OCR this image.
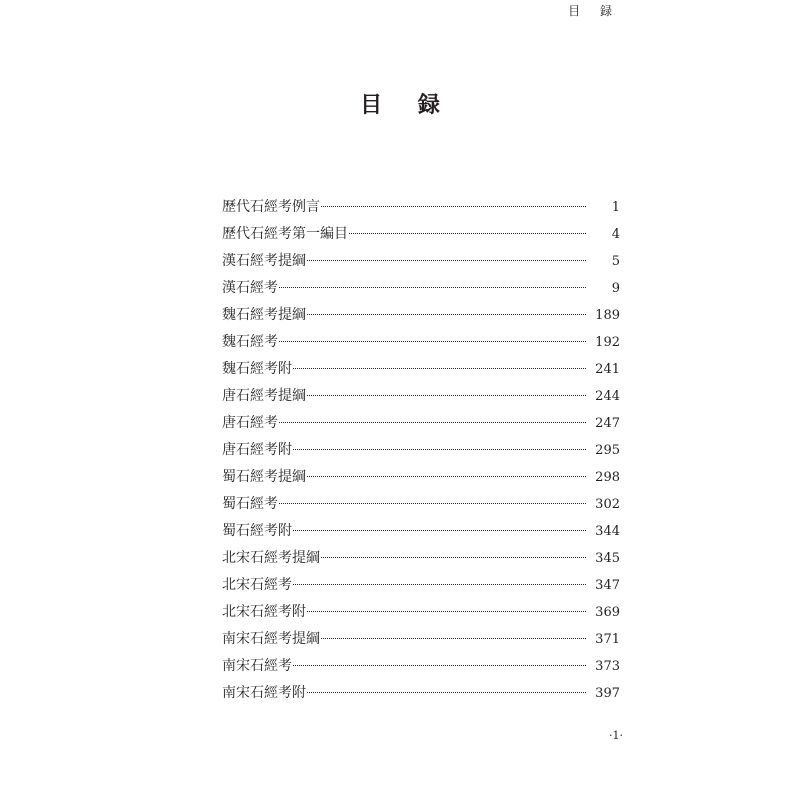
目 録
目 録
歷代石經考例言	1
歷代石經考第一編目	4
漢石經考提綱	5
漢石經考	9
魏石經考提綱	189
魏石經考	192
魏石經考附	241
唐石經考提綱	244
唐石經考	247
唐石經考附	295
蜀石經考提綱	298
蜀石經考	302
蜀石經考附	344
北宋石經考提綱	345
北宋石經考	347
北宋石經考附	369
南宋石經考提綱	371
南宋石經考	373
南宋石經考附	397
·1·
